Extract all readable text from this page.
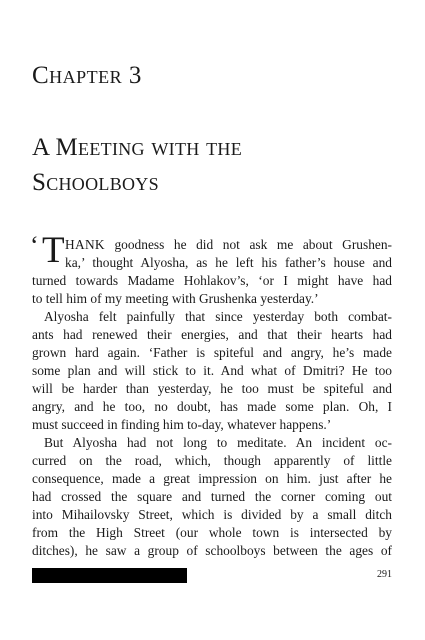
Chapter 3
A Meeting with the
Schoolboys
‘ T HANK goodness he did not ask me about Grushen-

ka,’ thought Alyosha, as he left his father’s house and

turned towards Madame Hohlakov’s, ‘or I might have had

to tell him of my meeting with Grushenka yesterday.’

Alyosha felt painfully that since yesterday both combat-

ants had renewed their energies, and that their hearts had

grown hard again. ‘Father is spiteful and angry, he’s made

some plan and will stick to it. And what of Dmitri? He too

will be harder than yesterday, he too must be spiteful and

angry, and he too, no doubt, has made some plan. Oh, I

must succeed in finding him to-day, whatever happens.’

But Alyosha had not long to meditate. An incident oc-

curred on the road, which, though apparently of little

consequence, made a great impression on him. just after he

had crossed the square and turned the corner coming out

into Mihailovsky Street, which is divided by a small ditch

from the High Street (our whole town is intersected by

ditches), he saw a group of schoolboys between the ages of

291
